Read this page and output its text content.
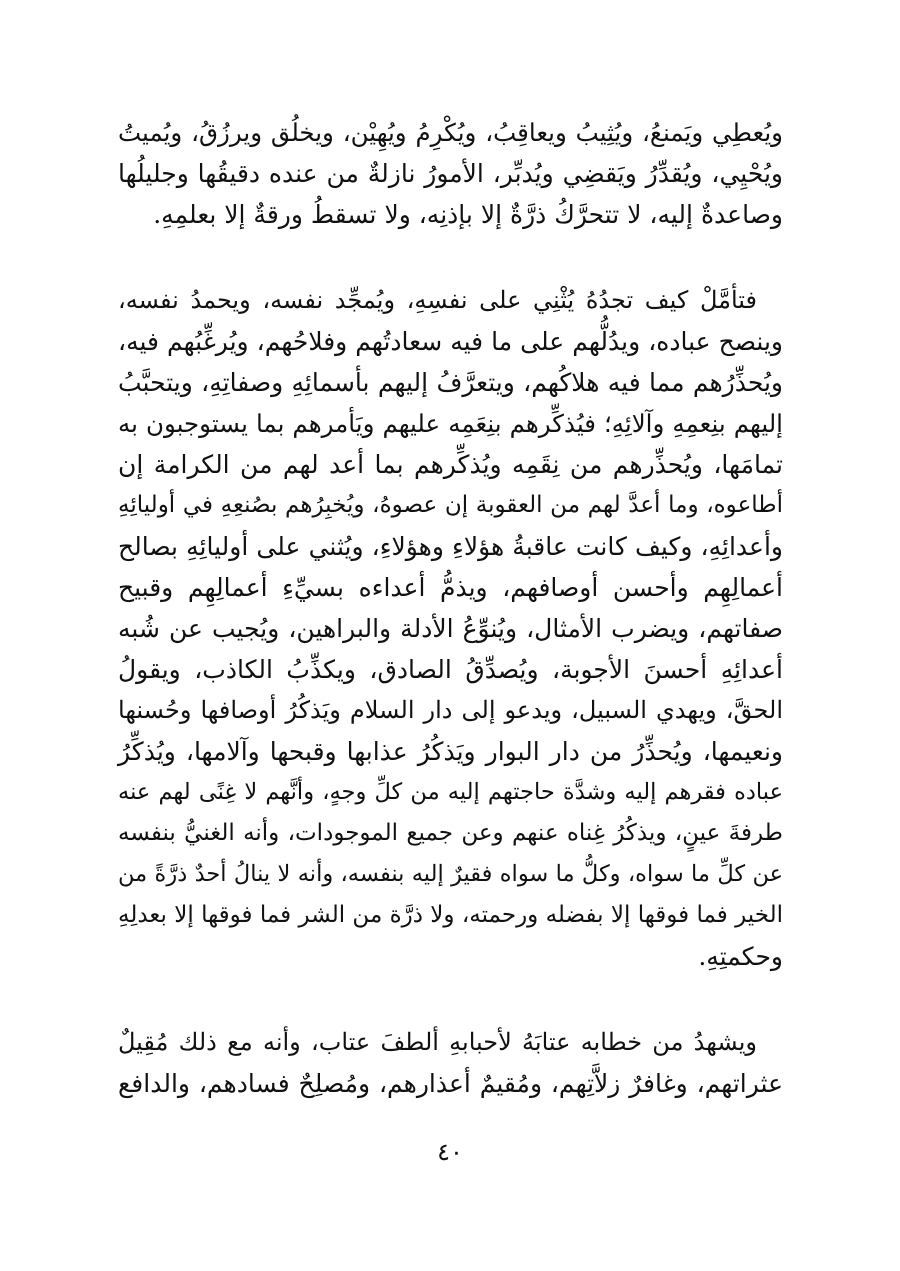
ويُعطِي ويَمنعُ، ويُثِيبُ ويعاقِبُ، ويُكْرِمُ ويُهِيْن، ويخلُق ويرزُقُ، ويُميتُ
ويُحْيِي، ويُقدِّرُ ويَقضِي ويُدبِّر، الأمورُ نازلةٌ من عنده دقيقُها وجليلُها
وصاعدةٌ إليه، لا تتحرَّكُ ذرَّةٌ إلا بإذنِه، ولا تسقطُ ورقةٌ إلا بعلمِهِ.
فتأمَّلْ كيف تجدُهُ يُثْنِي على نفسِهِ، ويُمجِّد نفسه، ويحمدُ نفسه،
وينصح عباده، ويدُلُّهم على ما فيه سعادتُهم وفلاحُهم، ويُرغِّبُهم فيه،
ويُحذِّرُهم مما فيه هلاكُهم، ويتعرَّفُ إليهم بأسمائِهِ وصفاتِهِ، ويتحبَّبُ
إليهم بنِعمِهِ وآلائِهِ؛ فيُذكِّرهم بنِعَمِه عليهم ويَأمرهم بما يستوجبون به
تمامَها، ويُحذِّرهم من نِقَمِه ويُذكِّرهم بما أعد لهم من الكرامة إن
أطاعوه، وما أعدَّ لهم من العقوبة إن عصوهُ، ويُخبِرُهم بصُنعِهِ في أوليائِهِ
وأعدائِهِ، وكيف كانت عاقبةُ هؤلاءِ وهؤلاءِ، ويُثني على أوليائِهِ بصالح
أعمالِهِم وأحسن أوصافهم، ويذمُّ أعداءه بسيِّءِ أعمالِهِم وقبيح
صفاتهم، ويضرب الأمثال، ويُنوِّعُ الأدلة والبراهين، ويُجيب عن شُبه
أعدائِهِ أحسنَ الأجوبة، ويُصدِّقُ الصادق، ويكذِّبُ الكاذب، ويقولُ
الحقَّ، ويهدي السبيل، ويدعو إلى دار السلام ويَذكُرُ أوصافها وحُسنها
ونعيمها، ويُحذِّرُ من دار البوار ويَذكُرُ عذابها وقبحها وآلامها، ويُذكِّرُ
عباده فقرهم إليه وشدَّة حاجتهم إليه من كلِّ وجهٍ، وأنَّهم لا غِنًى لهم عنه
طرفةَ عينٍ، ويذكُرُ غِناه عنهم وعن جميع الموجودات، وأنه الغنيُّ بنفسه
عن كلِّ ما سواه، وكلُّ ما سواه فقيرٌ إليه بنفسه، وأنه لا ينالُ أحدٌ ذرَّةً من
الخير فما فوقها إلا بفضله ورحمته، ولا ذرَّة من الشر فما فوقها إلا بعدلِهِ
وحكمتِهِ.
ويشهدُ من خطابه عتابَهُ لأحبابهِ ألطفَ عتاب، وأنه مع ذلك مُقِيلٌ
عثراتهم، وغافرٌ زلاَّتِهم، ومُقيمٌ أعذارهم، ومُصلِحٌ فسادهم، والدافع
٤٠
